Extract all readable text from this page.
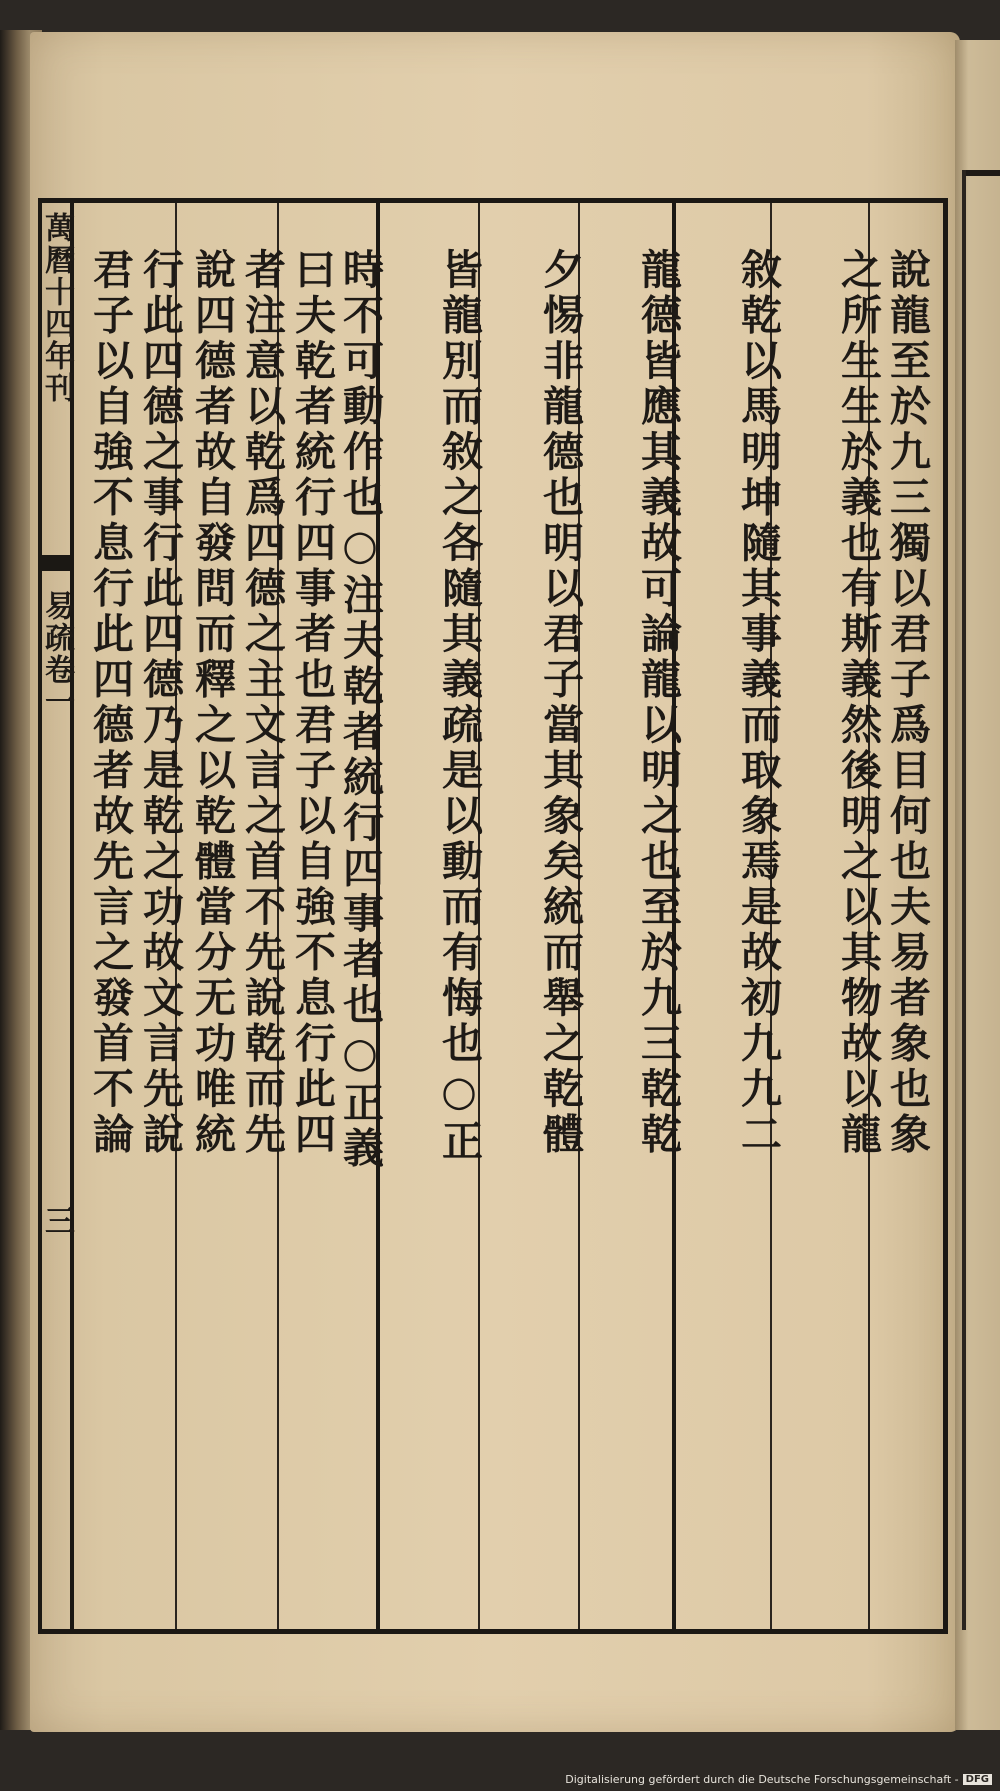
萬曆十四年刊
易疏卷一
三
說龍至於九三獨以君子爲目何也夫易者象也象
之所生生於義也有斯義然後明之以其物故以龍
敘乾以馬明坤隨其事義而取象焉是故初九九二
龍德皆應其義故可論龍以明之也至於九三乾乾
夕惕非龍德也明以君子當其象矣統而舉之乾體
皆龍別而敘之各隨其義疏是以動而有悔也○正
時不可動作也○注夫乾者統行四事者也○正義
曰夫乾者統行四事者也君子以自強不息行此四
者注意以乾爲四德之主文言之首不先說乾而先
說四德者故自發問而釋之以乾體當分无功唯統
行此四德之事行此四德乃是乾之功故文言先說
君子以自強不息行此四德者故先言之發首不論
Digitalisierung gefördert durch die Deutsche Forschungsgemeinschaft - DFG
